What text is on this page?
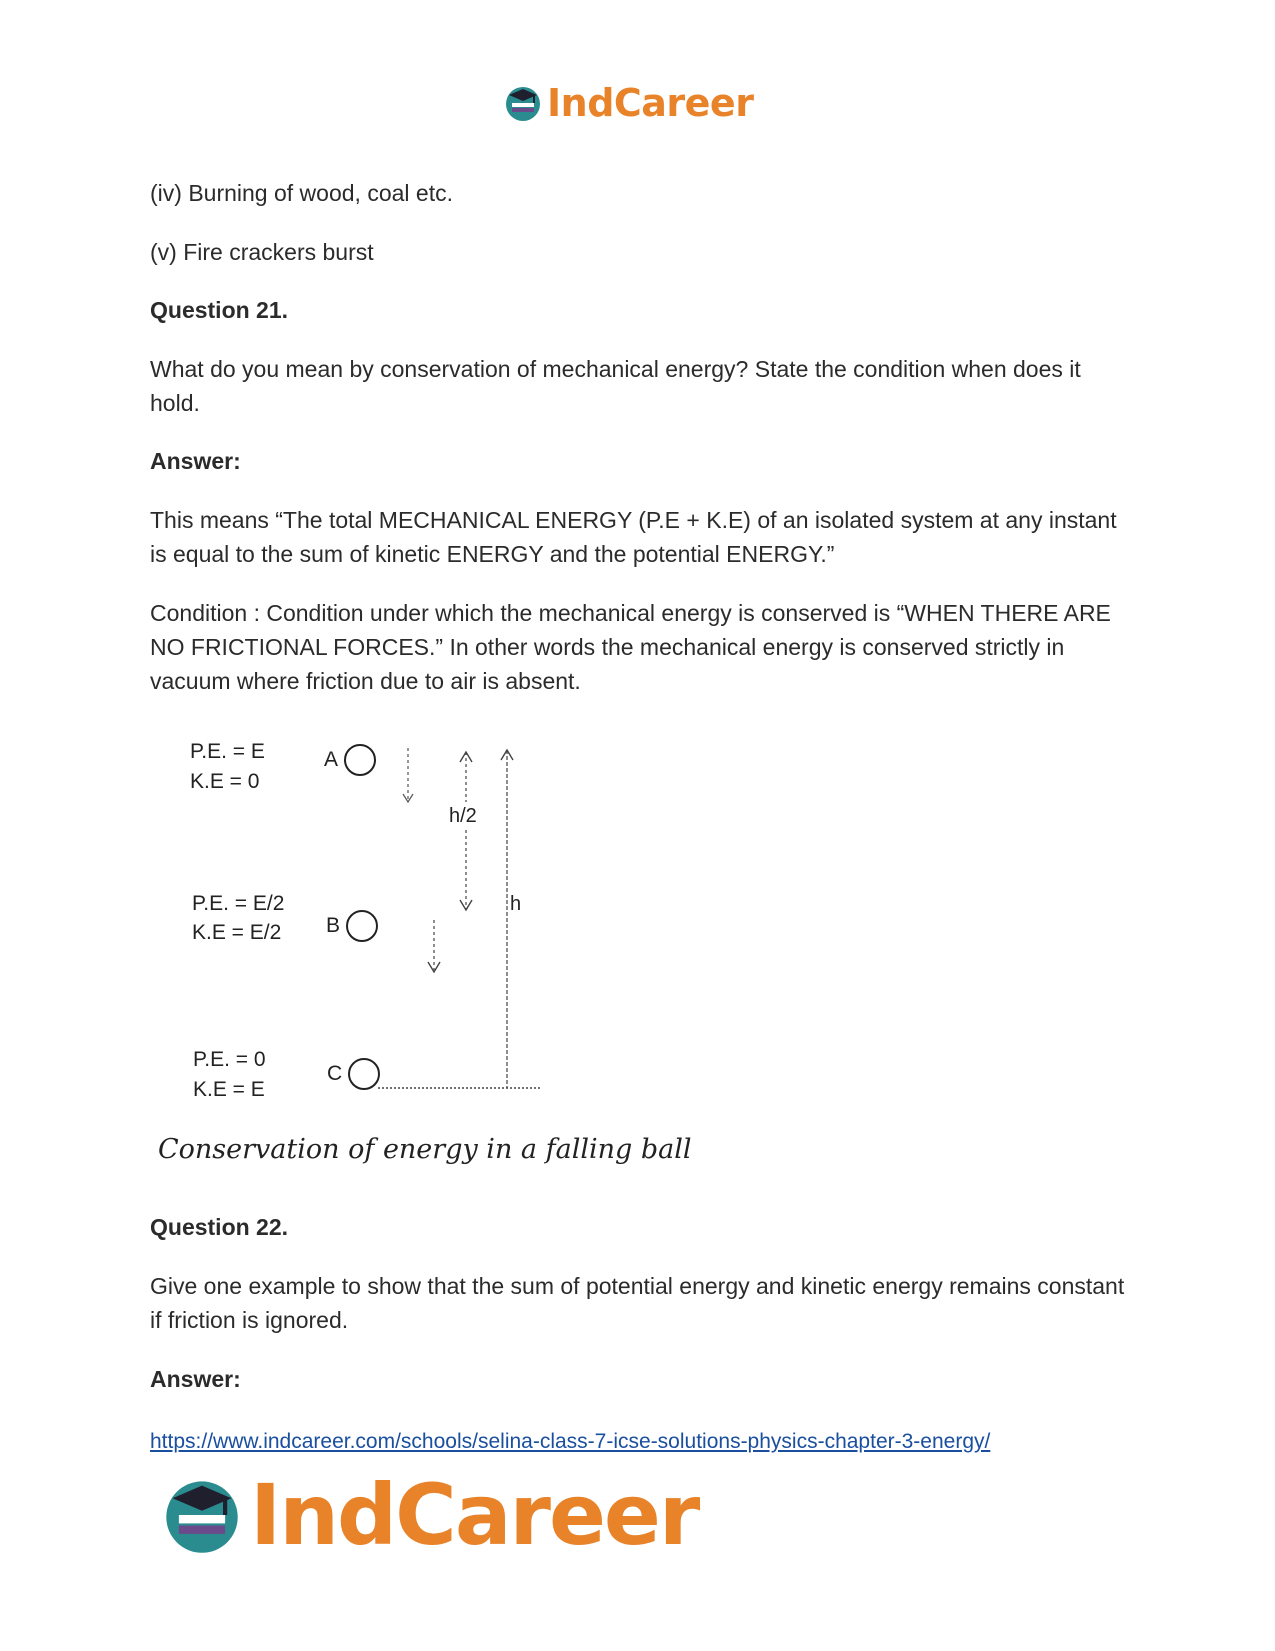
IndCareer

(iv) Burning of wood, coal etc.

(v) Fire crackers burst

Question 21.

What do you mean by conservation of mechanical energy? State the condition when does it hold.

Answer:

This means “The total MECHANICAL ENERGY (P.E + K.E) of an isolated system at any instant is equal to the sum of kinetic ENERGY and the potential ENERGY.”

Condition : Condition under which the mechanical energy is conserved is “WHEN THERE ARE NO FRICTIONAL FORCES.” In other words the mechanical energy is conserved strictly in vacuum where friction due to air is absent.

Question 22.

Give one example to show that the sum of potential energy and kinetic energy remains constant if friction is ignored.

Answer:

P.E. = E
K.E = 0
A
P.E. = E/2
K.E = E/2 B
P.E. = 0
K.E = E
C
h/2
h
Conservation of energy in a falling ball
https://www.indcareer.com/schools/selina-class-7-icse-solutions-physics-chapter-3-energy/
IndCareer
